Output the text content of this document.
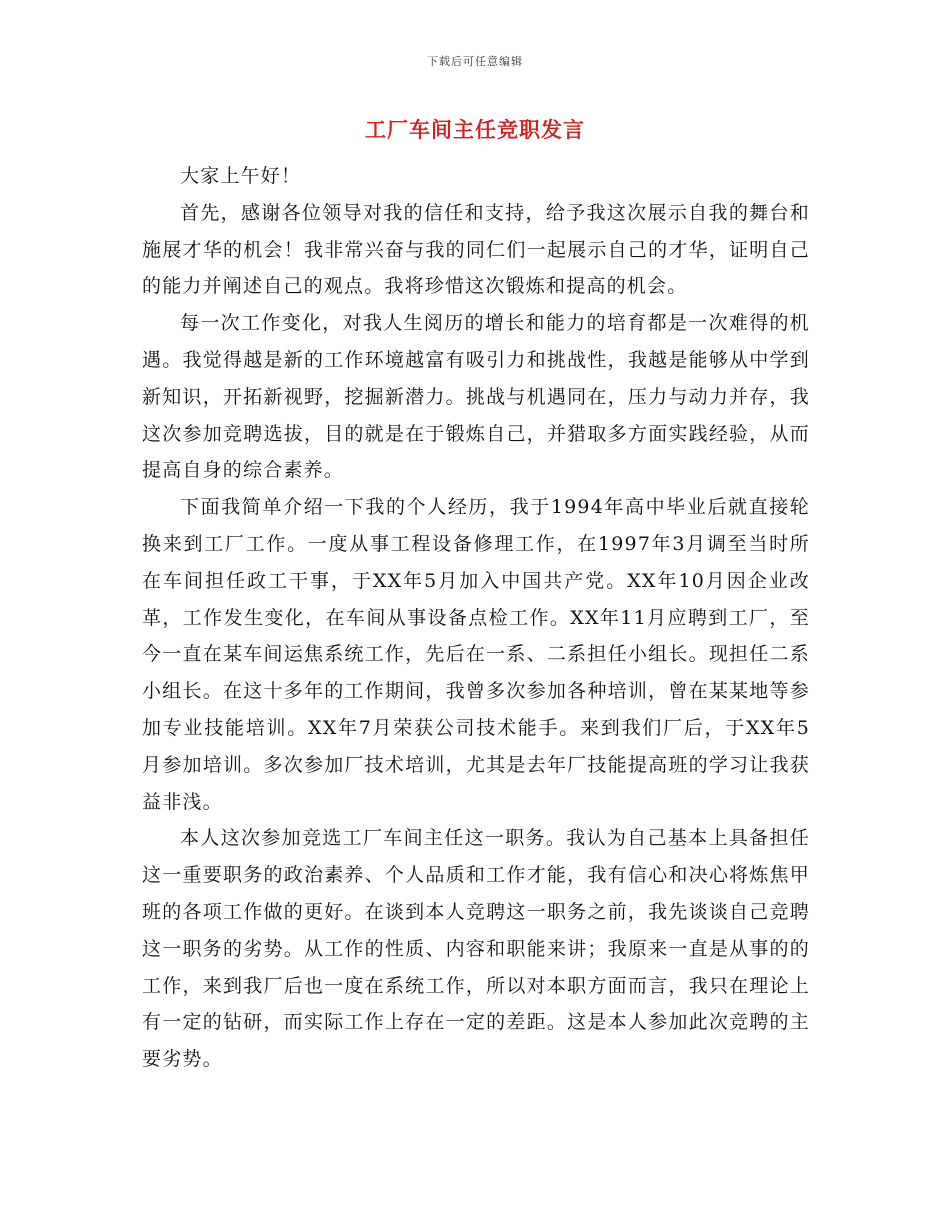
下载后可任意编辑
工厂车间主任竞职发言

大家上午好！

首先，感谢各位领导对我的信任和支持，给予我这次展示自我的舞台和施展才华的机会！我非常兴奋与我的同仁们一起展示自己的才华，证明自己的能力并阐述自己的观点。我将珍惜这次锻炼和提高的机会。

每一次工作变化，对我人生阅历的增长和能力的培育都是一次难得的机遇。我觉得越是新的工作环境越富有吸引力和挑战性，我越是能够从中学到新知识，开拓新视野，挖掘新潜力。挑战与机遇同在，压力与动力并存，我这次参加竞聘选拔，目的就是在于锻炼自己，并猎取多方面实践经验，从而提高自身的综合素养。

下面我简单介绍一下我的个人经历，我于1994年高中毕业后就直接轮换来到工厂工作。一度从事工程设备修理工作，在1997年3月调至当时所在车间担任政工干事，于XX年5月加入中国共产党。XX年10月因企业改革，工作发生变化，在车间从事设备点检工作。XX年11月应聘到工厂，至今一直在某车间运焦系统工作，先后在一系、二系担任小组长。现担任二系小组长。在这十多年的工作期间，我曾多次参加各种培训，曾在某某地等参加专业技能培训。XX年7月荣获公司技术能手。来到我们厂后，于XX年5月参加培训。多次参加厂技术培训，尤其是去年厂技能提高班的学习让我获益非浅。

本人这次参加竞选工厂车间主任这一职务。我认为自己基本上具备担任这一重要职务的政治素养、个人品质和工作才能，我有信心和决心将炼焦甲班的各项工作做的更好。在谈到本人竞聘这一职务之前，我先谈谈自己竞聘这一职务的劣势。从工作的性质、内容和职能来讲；我原来一直是从事的的工作，来到我厂后也一度在系统工作，所以对本职方面而言，我只在理论上有一定的钻研，而实际工作上存在一定的差距。这是本人参加此次竞聘的主要劣势。
